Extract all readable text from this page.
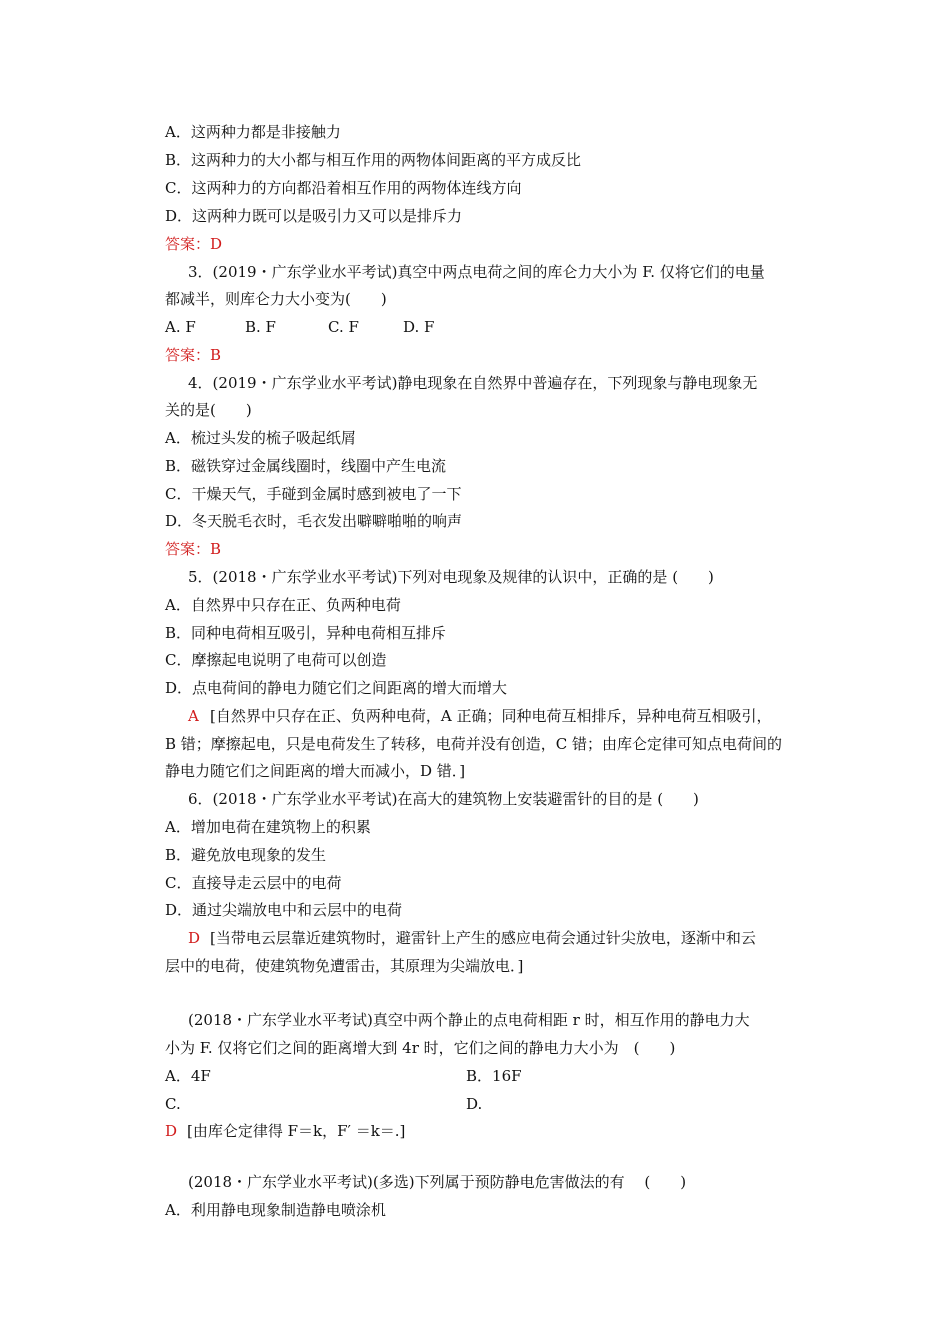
A．这两种力都是非接触力
B．这两种力的大小都与相互作用的两物体间距离的平方成反比
C．这两种力的方向都沿着相互作用的两物体连线方向
D．这两种力既可以是吸引力又可以是排斥力
答案：D
3．(2019・广东学业水平考试)真空中两点电荷之间的库仑力大小为 F. 仅将它们的电量
都减半，则库仑力大小变为(　　)
A. F	B. F	C. F	D. F
答案：B
4．(2019・广东学业水平考试)静电现象在自然界中普遍存在，下列现象与静电现象无
关的是(　　)
A．梳过头发的梳子吸起纸屑
B．磁铁穿过金属线圈时，线圈中产生电流
C．干燥天气，手碰到金属时感到被电了一下
D．冬天脱毛衣时，毛衣发出噼噼啪啪的响声
答案：B
5．(2018・广东学业水平考试)下列对电现象及规律的认识中，正确的是 (　　)
A．自然界中只存在正、负两种电荷
B．同种电荷相互吸引，异种电荷相互排斥
C．摩擦起电说明了电荷可以创造
D．点电荷间的静电力随它们之间距离的增大而增大
A [自然界中只存在正、负两种电荷，A 正确；同种电荷互相排斥，异种电荷互相吸引，
B 错；摩擦起电，只是电荷发生了转移，电荷并没有创造，C 错；由库仑定律可知点电荷间的
静电力随它们之间距离的增大而减小，D 错．]
6．(2018・广东学业水平考试)在高大的建筑物上安装避雷针的目的是 (　　)
A．增加电荷在建筑物上的积累
B．避免放电现象的发生
C．直接导走云层中的电荷
D．通过尖端放电中和云层中的电荷
D [当带电云层靠近建筑物时，避雷针上产生的感应电荷会通过针尖放电，逐渐中和云
层中的电荷，使建筑物免遭雷击，其原理为尖端放电．]
(2018・广东学业水平考试)真空中两个静止的点电荷相距 r 时，相互作用的静电力大
小为 F. 仅将它们之间的距离增大到 4r 时，它们之间的静电力大小为　(　　)
A．4F	B．16F
C.	D.
D [由库仑定律得 F＝k，F′ ＝k＝.]
(2018・广东学业水平考试)(多选)下列属于预防静电危害做法的有　 (　　)
A．利用静电现象制造静电喷涂机
